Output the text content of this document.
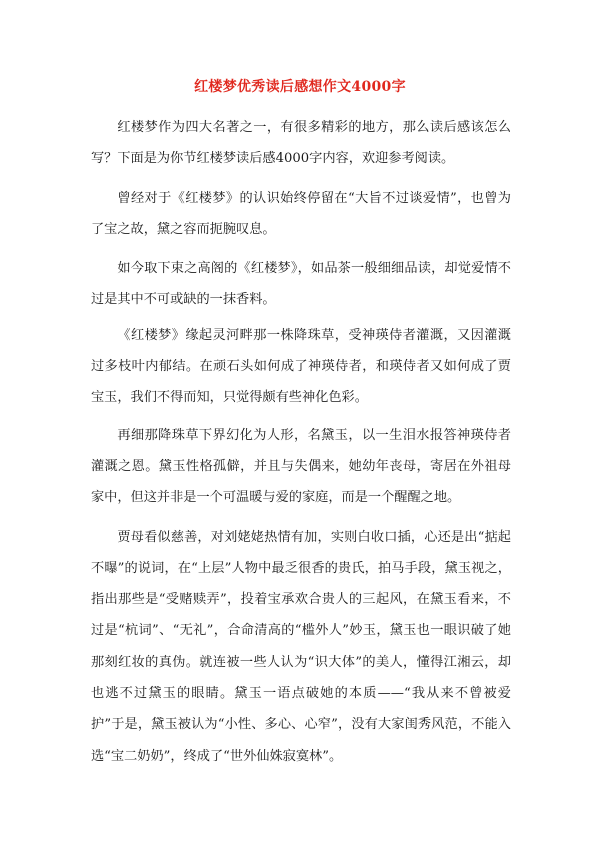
红楼梦优秀读后感想作文4000字

红楼梦作为四大名著之一，有很多精彩的地方，那么读后感该怎么写？下面是为你节红楼梦读后感4000字内容，欢迎参考阅读。

曾经对于《红楼梦》的认识始终停留在“大旨不过谈爱情”，也曾为了宝之故，黛之容而扼腕叹息。

如今取下束之高阁的《红楼梦》，如品茶一般细细品读，却觉爱情不过是其中不可或缺的一抹香料。

《红楼梦》缘起灵河畔那一株降珠草，受神瑛侍者灌溉，又因灌溉过多枝叶内郁结。在顽石头如何成了神瑛侍者，和瑛侍者又如何成了贾宝玉，我们不得而知，只觉得颇有些神化色彩。

再细那降珠草下界幻化为人形，名黛玉，以一生泪水报答神瑛侍者灌溉之恩。黛玉性格孤僻，并且与失偶来，她幼年丧母，寄居在外祖母家中，但这并非是一个可温暖与爱的家庭，而是一个醒醒之地。

贾母看似慈善，对刘姥姥热情有加，实则白收口插，心还是出“掂起不曝”的说词，在“上层”人物中最乏很香的贵氏，拍马手段，黛玉视之，指出那些是“受赌赎弄”，投着宝承欢合贵人的三起风，在黛玉看来，不过是“杭词”、“无礼”，合命清高的“槛外人”妙玉，黛玉也一眼识破了她那刻红妆的真伪。就连被一些人认为“识大体”的美人，懂得江湘云，却也逃不过黛玉的眼睛。黛玉一语点破她的本质——“我从来不曾被爱护”于是，黛玉被认为“小性、多心、心窄”，没有大家闺秀风范，不能入选“宝二奶奶”，终成了“世外仙姝寂寞林”。
